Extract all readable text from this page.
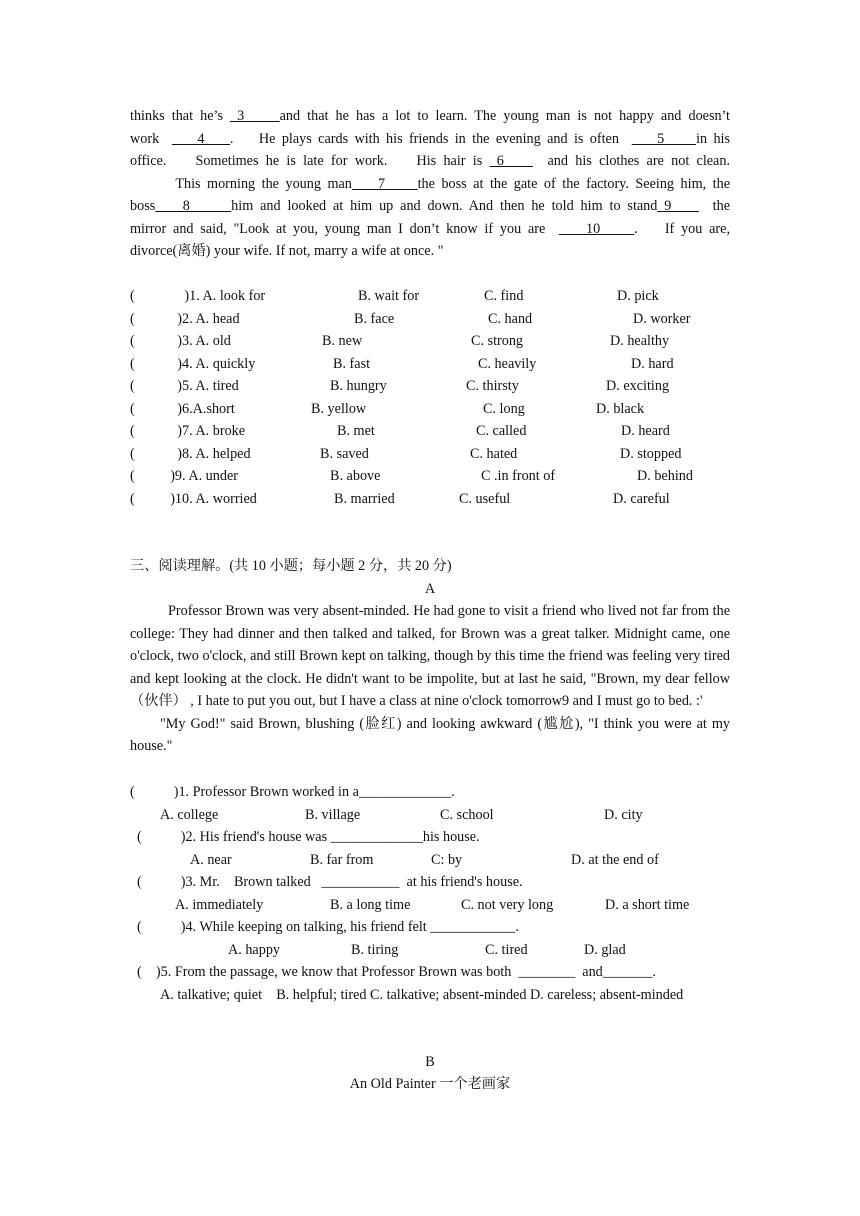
thinks that he’s  3     and that he has a lot to learn. The young man is not happy and doesn’t
work      4    .    He plays cards with his friends in the evening and is often      5     in his
office.    Sometimes he is late for work.    His hair is  6      and his clothes are not clean.
This morning the young man    7     the boss at the gate of the factory. Seeing him, the
boss    8      him and looked at him up and down. And then he told him to stand 9      the
mirror and said, "Look at you, young man I don’t know if you are      10     .    If you are,
divorce(离婚) your wife. If not, marry a wife at once. "
(              )1. A. look for	B. wait for	C. find	D. pick
(            )2. A. head	B. face	C. hand	D. worker
(            )3. A. old	B. new	C. strong	D. healthy
(            )4. A. quickly	B. fast	C. heavily	D. hard
(            )5. A. tired	B. hungry	C. thirsty	D. exciting
(            )6.A.short	B. yellow	C. long	D. black
(            )7. A. broke	B. met	C. called	D. heard
(            )8. A. helped	B. saved	C. hated	D. stopped
(          )9. A. under	B. above	C .in front of	D. behind
(          )10. A. worried	B. married	C. useful	D. careful
三、阅读理解。(共 10 小题；每小题 2 分，共 20 分)
A

Professor Brown was very absent-minded. He had gone to visit a friend who lived not far from the college: They had dinner and then talked and talked, for Brown was a great talker. Midnight came, one o'clock, two o'clock, and still Brown kept on talking, though by this time the friend was feeling very tired and kept looking at the clock. He didn't want to be impolite, but at last he said, "Brown, my dear fellow（伙伴） , I hate to put you out, but I have a class at nine o'clock tomorrow9 and I must go to bed. :'

"My God!" said Brown, blushing (脸红) and looking awkward (尴尬), "I think you were at my house."

(           )1. Professor Brown worked in a_____________.
A. college	B. village	C. school	D. city
(           )2. His friend's house was _____________his house.
A. near	B. far from	C: by	D. at the end of
(           )3. Mr.    Brown talked   ___________  at his friend's house.
A. immediately	B. a long time	C. not very long	D. a short time
(           )4. While keeping on talking, his friend felt ____________.
A. happy	B. tiring	C. tired	D. glad
(    )5. From the passage, we know that Professor Brown was both  ________  and_______.
A. talkative; quiet    B. helpful; tired C. talkative; absent-minded D. careless; absent-minded
B
An Old Painter 一个老画家
